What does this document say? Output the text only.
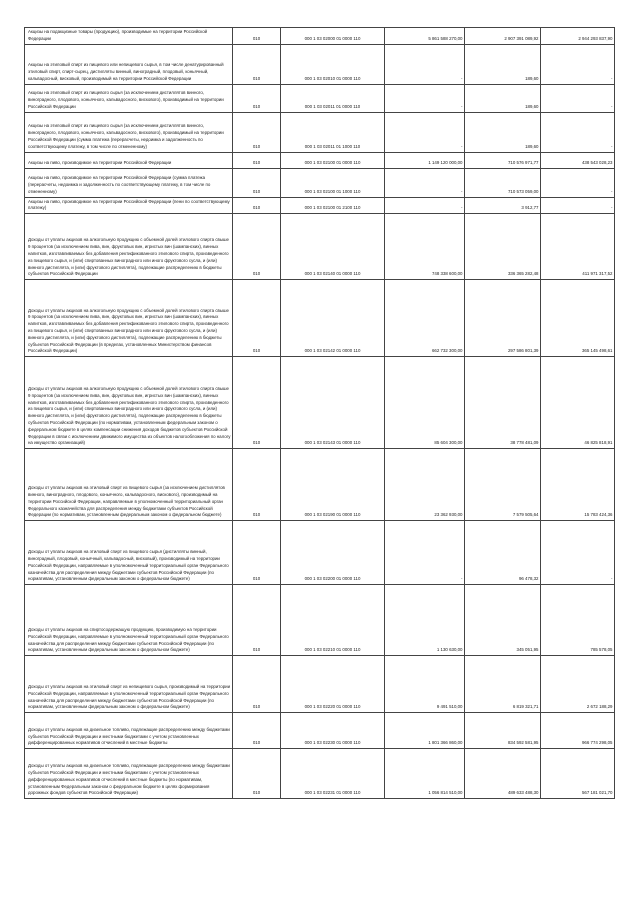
Акцизы на подакцизные товары (продукцию), производимые на территории Российской Федерации	010	000 1 03 02000 01 0000 110	5 861 588 270,00	2 907 391 089,92	2 944 293 837,90
Акцизы на этиловый спирт из пищевого или непищевого сырья, в том числе денатурированный этиловый спирт, спирт-сырец, дистилляты винный, виноградный, плодовый, коньячный, кальвадосный, висковый, производимый на территории Российской Федерации	010	000 1 03 02010 01 0000 110	-	189,60	-
Акцизы на этиловый спирт из пищевого сырья (за исключением дистиллятов винного, виноградного, плодового, коньячного, кальвадосного, вискового), производимый на территории Российской Федерации	010	000 1 03 02011 01 0000 110	-	189,60	-
Акцизы на этиловый спирт из пищевого сырья (за исключением дистиллятов винного, виноградного, плодового, коньячного, кальвадосного, вискового), производимый на территории Российской Федерации (сумма платежа (перерасчеты, недоимка и задолженность по соответствующему платежу, в том числе по отмененному)	010	000 1 03 02011 01 1000 110	-	189,60	-
Акцизы на пиво, производимое на территории Российской Федерации	010	000 1 03 02100 01 0000 110	1 149 120 000,00	710 576 971,77	438 543 028,23
Акцизы на пиво, производимое на территории Российской Федерации (сумма платежа (перерасчеты, недоимка и задолженность по соответствующему платежу, в том числе по отмененному)	010	000 1 03 02100 01 1000 110	-	710 573 059,00	-
Акцизы на пиво, производимое на территории Российской Федерации (пени по соответствующему платежу)	010	000 1 03 02100 01 2100 110	-	3 912,77	-
Доходы от уплаты акцизов на алкогольную продукцию с объемной долей этилового спирта свыше 9 процентов (за исключением пива, вин, фруктовых вин, игристых вин (шампанских), винных напитков, изготавливаемых без добавления ректификованного этилового спирта, произведенного из пищевого сырья, и (или) спиртованных виноградного или иного фруктового сусла, и (или) винного дистиллята, и (или) фруктового дистиллята), подлежащие распределению в бюджеты субъектов Российской Федерации	010	000 1 03 02140 01 0000 110	748 338 600,00	336 365 282,48	411 971 317,52
Доходы от уплаты акцизов на алкогольную продукцию с объемной долей этилового спирта свыше 9 процентов (за исключением пива, вин, фруктовых вин, игристых вин (шампанских), винных напитков, изготавливаемых без добавления ректификованного этилового спирта, произведенного из пищевого сырья, и (или) спиртованных виноградного или иного фруктового сусла, и (или) винного дистиллята, и (или) фруктового дистиллята), подлежащие распределению в бюджеты субъектов Российской Федерации (в пределах, установленных Министерством финансов Российской Федерации)	010	000 1 03 02142 01 0000 110	662 732 300,00	297 586 801,39	365 145 498,61
Доходы от уплаты акцизов на алкогольную продукцию с объемной долей этилового спирта свыше 9 процентов (за исключением пива, вин, фруктовых вин, игристых вин (шампанских), винных напитков, изготавливаемых без добавления ректификованного этилового спирта, произведенного из пищевого сырья, и (или) спиртованных виноградного или иного фруктового сусла, и (или) винного дистиллята, и (или) фруктового дистиллята), подлежащие распределению в бюджеты субъектов Российской Федерации (по нормативам, установленным федеральным законом о федеральном бюджете в целях компенсации снижения доходов бюджетов субъектов Российской Федерации в связи с исключением движимого имущества из объектов налогообложения по налогу на имущество организаций)	010	000 1 03 02143 01 0000 110	85 604 300,00	38 778 481,09	46 825 818,91
Доходы от уплаты акцизов на этиловый спирт из пищевого сырья (за исключением дистиллятов винного, виноградного, плодового, коньячного, кальвадосного, вискового), производимый на территории Российской Федерации, направляемые в уполномоченный территориальный орган Федерального казначейства для распределения между бюджетами субъектов Российской Федерации (по нормативам, установленным федеральным законом о федеральном бюджете)	010	000 1 03 02190 01 0000 110	23 362 930,00	7 579 505,64	15 783 424,36
Доходы от уплаты акцизов на этиловый спирт из пищевого сырья (дистилляты винный, виноградный, плодовый, коньячный, кальвадосный, висковый), производимый на территории Российской Федерации, направляемые в уполномоченный территориальный орган Федерального казначейства для распределения между бюджетами субъектов Российской Федерации (по нормативам, установленным федеральным законом о федеральном бюджете)	010	000 1 03 02200 01 0000 110	-	96 478,32	-
Доходы от уплаты акцизов на спиртосодержащую продукцию, производимую на территории Российской Федерации, направляемые в уполномоченный территориальный орган Федерального казначейства для распределения между бюджетами субъектов Российской Федерации (по нормативам, установленным федеральным законом о федеральном бюджете)	010	000 1 03 02210 01 0000 110	1 130 630,00	345 051,95	785 578,05
Доходы от уплаты акцизов на этиловый спирт из непищевого сырья, производимый на территории Российской Федерации, направляемые в уполномоченный территориальный орган Федерального казначейства для распределения между бюджетами субъектов Российской Федерации (по нормативам, установленным федеральным законом о федеральном бюджете)	010	000 1 03 02220 01 0000 110	9 491 510,00	6 819 321,71	2 672 188,29
Доходы от уплаты акцизов на дизельное топливо, подлежащие распределению между бюджетами субъектов Российской Федерации и местными бюджетами с учетом установленных дифференцированных нормативов отчислений в местные бюджеты	010	000 1 03 02230 01 0000 110	1 801 366 860,00	834 592 581,95	966 774 298,05
Доходы от уплаты акцизов на дизельное топливо, подлежащие распределению между бюджетами субъектов Российской Федерации и местными бюджетами с учетом установленных дифференцированных нормативов отчислений в местные бюджеты (по нормативам, установленным Федеральным законом о федеральном бюджете в целях формирования дорожных фондов субъектов Российской Федерации)	010	000 1 03 02231 01 0000 110	1 056 814 510,00	489 633 488,30	567 181 021,70
